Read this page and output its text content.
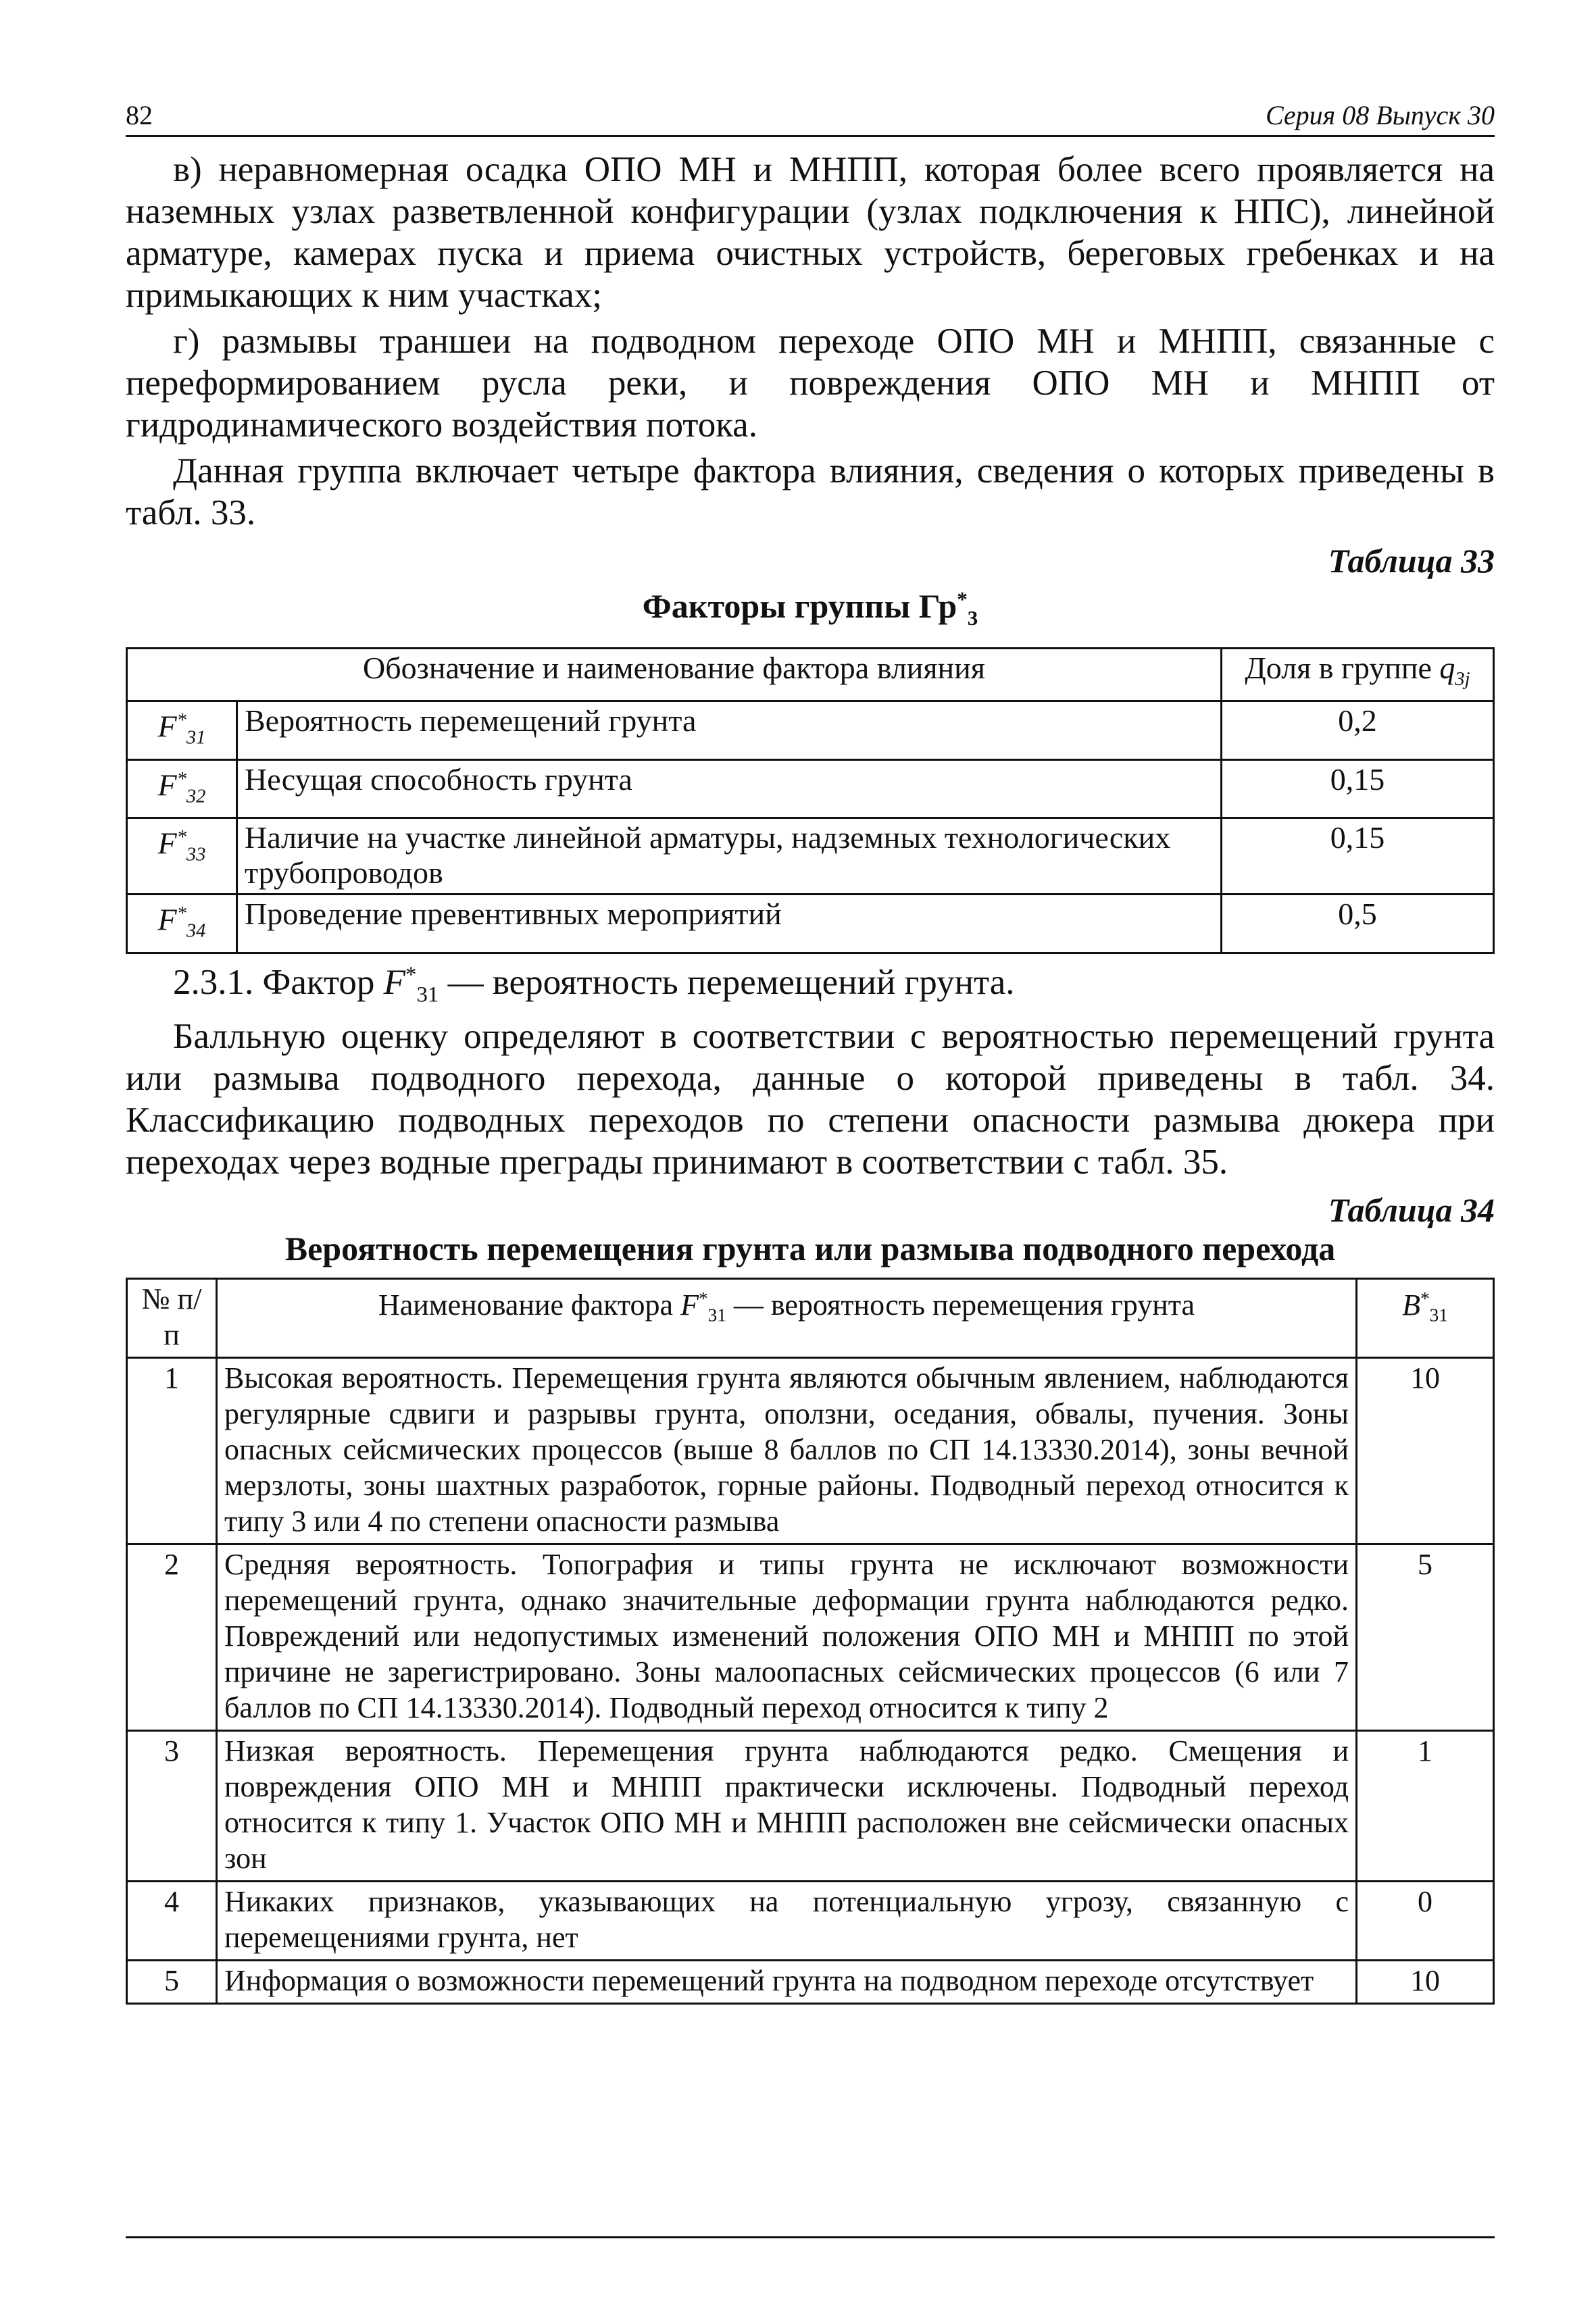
82	Серия 08 Выпуск 30

в) неравномерная осадка ОПО МН и МНПП, которая более всего проявляется на наземных узлах разветвленной конфигурации (узлах подключения к НПС), линейной арматуре, камерах пуска и приема очистных устройств, береговых гребенках и на примыкающих к ним участках;

г) размывы траншеи на подводном переходе ОПО МН и МНПП, связанные с переформированием русла реки, и повреждения ОПО МН и МНПП от гидродинамического воздействия потока.

Данная группа включает четыре фактора влияния, сведения о которых приведены в табл. 33.

Таблица 33
Факторы группы $Гр^*_3$
Обозначение и наименование фактора влияния		Доля в группе $q_{3j}$
$F^*_{31}$	Вероятность перемещений грунта	0,2
$F^*_{32}$	Несущая способность грунта	0,15
$F^*_{33}$	Наличие на участке линейной арматуры, надземных технологических трубопроводов	0,15
$F^*_{34}$	Проведение превентивных мероприятий	0,5

2.3.1. Фактор $F^*_{31}$ — вероятность перемещений грунта.

Балльную оценку определяют в соответствии с вероятностью перемещений грунта или размыва подводного перехода, данные о которой приведены в табл. 34. Классификацию подводных переходов по степени опасности размыва дюкера при переходах через водные преграды принимают в соответствии с табл. 35.

Таблица 34
Вероятность перемещения грунта или размыва подводного перехода
№ п/п	Наименование фактора $F^*_{31}$ — вероятность перемещения грунта	$B^*_{31}$
1	Высокая вероятность. Перемещения грунта являются обычным явлением, наблюдаются регулярные сдвиги и разрывы грунта, оползни, оседания, обвалы, пучения. Зоны опасных сейсмических процессов (выше 8 баллов по СП 14.13330.2014), зоны вечной мерзлоты, зоны шахтных разработок, горные районы. Подводный переход относится к типу 3 или 4 по степени опасности размыва	10
2	Средняя вероятность. Топография и типы грунта не исключают возможности перемещений грунта, однако значительные деформации грунта наблюдаются редко. Повреждений или недопустимых изменений положения ОПО МН и МНПП по этой причине не зарегистрировано. Зоны малоопасных сейсмических процессов (6 или 7 баллов по СП 14.13330.2014). Подводный переход относится к типу 2	5
3	Низкая вероятность. Перемещения грунта наблюдаются редко. Смещения и повреждения ОПО МН и МНПП практически исключены. Подводный переход относится к типу 1. Участок ОПО МН и МНПП расположен вне сейсмически опасных зон	1
4	Никаких признаков, указывающих на потенциальную угрозу, связанную с перемещениями грунта, нет	0
5	Информация о возможности перемещений грунта на подводном переходе отсутствует	10
